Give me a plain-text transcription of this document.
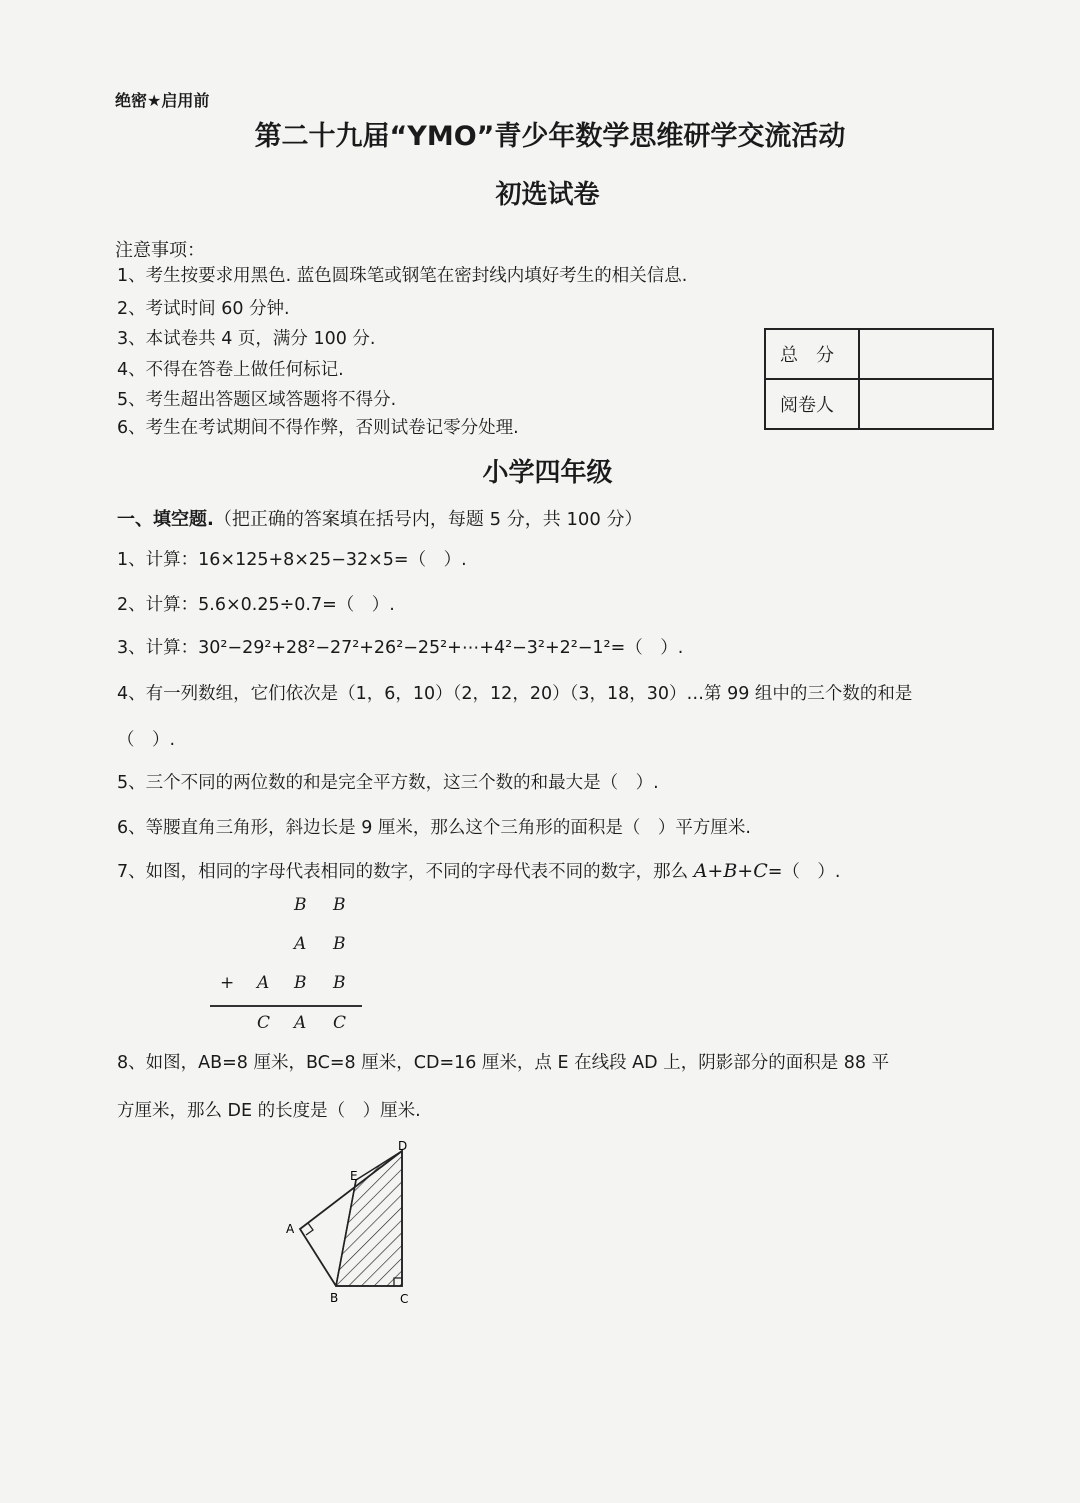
绝密★启用前
第二十九届“YMO”青少年数学思维研学交流活动
初选试卷
注意事项：
1、考生按要求用黑色. 蓝色圆珠笔或钢笔在密封线内填好考生的相关信息.
2、考试时间 60 分钟.
3、本试卷共 4 页，满分 100 分.
4、不得在答卷上做任何标记.
5、考生超出答题区域答题将不得分.
6、考生在考试期间不得作弊，否则试卷记零分处理.
总　分	
阅卷人	
小学四年级
一、填空题.（把正确的答案填在括号内，每题 5 分，共 100 分）
1、计算：16×125+8×25−32×5=（　）.
2、计算：5.6×0.25÷0.7=（　）.
3、计算：30²−29²+28²−27²+26²−25²+⋯+4²−3²+2²−1²=（　）.
4、有一列数组，它们依次是（1，6，10）（2，12，20）（3，18，30）…第 99 组中的三个数的和是
（　）.
5、三个不同的两位数的和是完全平方数，这三个数的和最大是（　）.
6、等腰直角三角形，斜边长是 9 厘米，那么这个三角形的面积是（　）平方厘米.
7、如图，相同的字母代表相同的数字，不同的字母代表不同的数字，那么 A+B+C=（　）.
B B
A B
+ A B B
C A C
8、如图，AB=8 厘米，BC=8 厘米，CD=16 厘米，点 E 在线段 AD 上，阴影部分的面积是 88 平
方厘米，那么 DE 的长度是（　）厘米.
A
B	C
D
E
